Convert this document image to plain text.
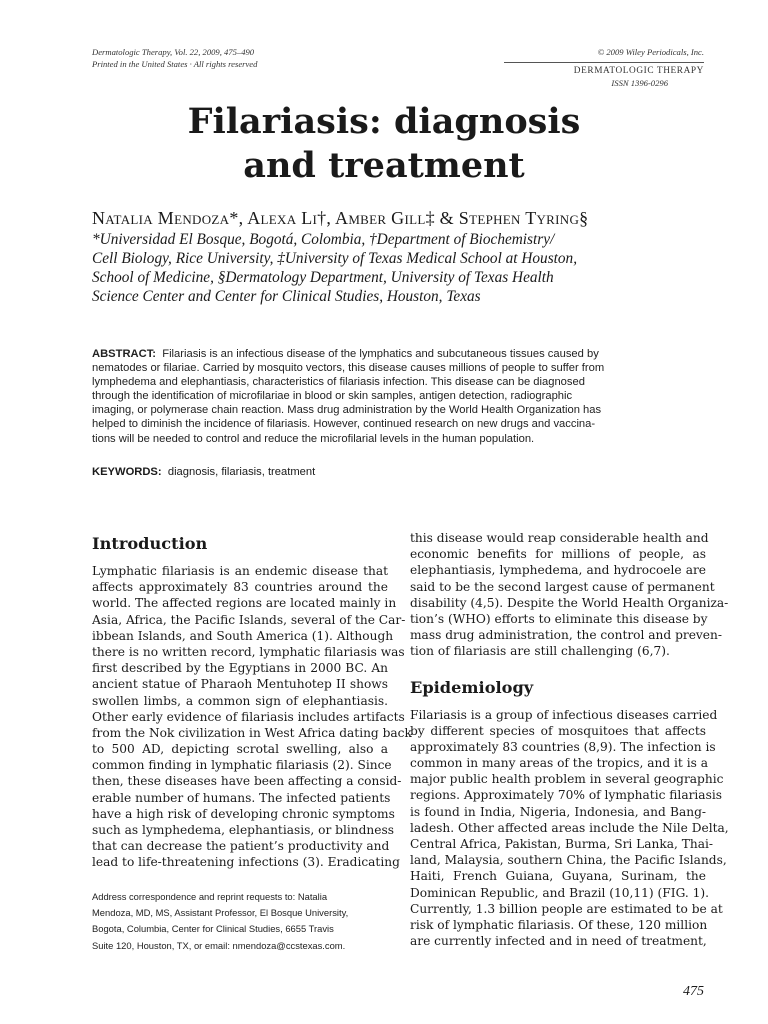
Dermatologic Therapy, Vol. 22, 2009, 475–490
Printed in the United States · All rights reserved
© 2009 Wiley Periodicals, Inc.
DERMATOLOGIC THERAPY
ISSN 1396-0296
Filariasis: diagnosis
and treatment
Natalia Mendoza*, Alexa Li†, Amber Gill‡ & Stephen Tyring§
*Universidad El Bosque, Bogotá, Colombia, †Department of Biochemistry/
Cell Biology, Rice University, ‡University of Texas Medical School at Houston,
School of Medicine, §Dermatology Department, University of Texas Health
Science Center and Center for Clinical Studies, Houston, Texas
ABSTRACT: Filariasis is an infectious disease of the lymphatics and subcutaneous tissues caused by
nematodes or filariae. Carried by mosquito vectors, this disease causes millions of people to suffer from
lymphedema and elephantiasis, characteristics of filariasis infection. This disease can be diagnosed
through the identification of microfilariae in blood or skin samples, antigen detection, radiographic
imaging, or polymerase chain reaction. Mass drug administration by the World Health Organization has
helped to diminish the incidence of filariasis. However, continued research on new drugs and vaccina-
tions will be needed to control and reduce the microfilarial levels in the human population.
KEYWORDS: diagnosis, filariasis, treatment
Introduction
Lymphatic filariasis is an endemic disease that
affects approximately 83 countries around the
world. The affected regions are located mainly in
Asia, Africa, the Pacific Islands, several of the Car-
ibbean Islands, and South America (1). Although
there is no written record, lymphatic filariasis was
first described by the Egyptians in 2000 BC. An
ancient statue of Pharaoh Mentuhotep II shows
swollen limbs, a common sign of elephantiasis.
Other early evidence of filariasis includes artifacts
from the Nok civilization in West Africa dating back
to 500 AD, depicting scrotal swelling, also a
common finding in lymphatic filariasis (2). Since
then, these diseases have been affecting a consid-
erable number of humans. The infected patients
have a high risk of developing chronic symptoms
such as lymphedema, elephantiasis, or blindness
that can decrease the patient’s productivity and
lead to life-threatening infections (3). Eradicating
this disease would reap considerable health and
economic benefits for millions of people, as
elephantiasis, lymphedema, and hydrocoele are
said to be the second largest cause of permanent
disability (4,5). Despite the World Health Organiza-
tion’s (WHO) efforts to eliminate this disease by
mass drug administration, the control and preven-
tion of filariasis are still challenging (6,7).
Epidemiology
Filariasis is a group of infectious diseases carried
by different species of mosquitoes that affects
approximately 83 countries (8,9). The infection is
common in many areas of the tropics, and it is a
major public health problem in several geographic
regions. Approximately 70% of lymphatic filariasis
is found in India, Nigeria, Indonesia, and Bang-
ladesh. Other affected areas include the Nile Delta,
Central Africa, Pakistan, Burma, Sri Lanka, Thai-
land, Malaysia, southern China, the Pacific Islands,
Haiti, French Guiana, Guyana, Surinam, the
Dominican Republic, and Brazil (10,11) (FIG. 1).
Currently, 1.3 billion people are estimated to be at
risk of lymphatic filariasis. Of these, 120 million
are currently infected and in need of treatment,
Address correspondence and reprint requests to: Natalia
Mendoza, MD, MS, Assistant Professor, El Bosque University,
Bogota, Columbia, Center for Clinical Studies, 6655 Travis
Suite 120, Houston, TX, or email: nmendoza@ccstexas.com.
475
